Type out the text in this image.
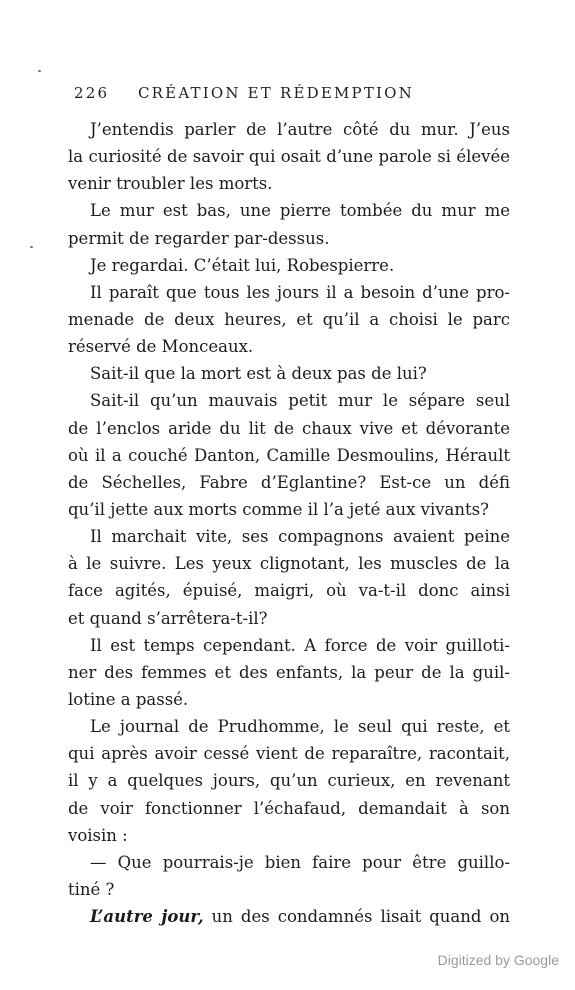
226 CRÉATION ET RÉDEMPTION
J’entendis parler de l’autre côté du mur. J’eus
la curiosité de savoir qui osait d’une parole si élevée
venir troubler les morts.
Le mur est bas, une pierre tombée du mur me
permit de regarder par-dessus.
Je regardai. C’était lui, Robespierre.
Il paraît que tous les jours il a besoin d’une pro-
menade de deux heures, et qu’il a choisi le parc
réservé de Monceaux.
Sait-il que la mort est à deux pas de lui?
Sait-il qu’un mauvais petit mur le sépare seul
de l’enclos aride du lit de chaux vive et dévorante
où il a couché Danton, Camille Desmoulins, Hérault
de Séchelles, Fabre d’Eglantine? Est-ce un défi
qu’il jette aux morts comme il l’a jeté aux vivants?
Il marchait vite, ses compagnons avaient peine
à le suivre. Les yeux clignotant, les muscles de la
face agités, épuisé, maigri, où va-t-il donc ainsi
et quand s’arrêtera-t-il?
Il est temps cependant. A force de voir guilloti-
ner des femmes et des enfants, la peur de la guil-
lotine a passé.
Le journal de Prudhomme, le seul qui reste, et
qui après avoir cessé vient de reparaître, racontait,
il y a quelques jours, qu’un curieux, en revenant
de voir fonctionner l’échafaud, demandait à son
voisin :
— Que pourrais-je bien faire pour être guillo-
tiné ?
L’autre jour, un des condamnés lisait quand on
Digitized by Google
